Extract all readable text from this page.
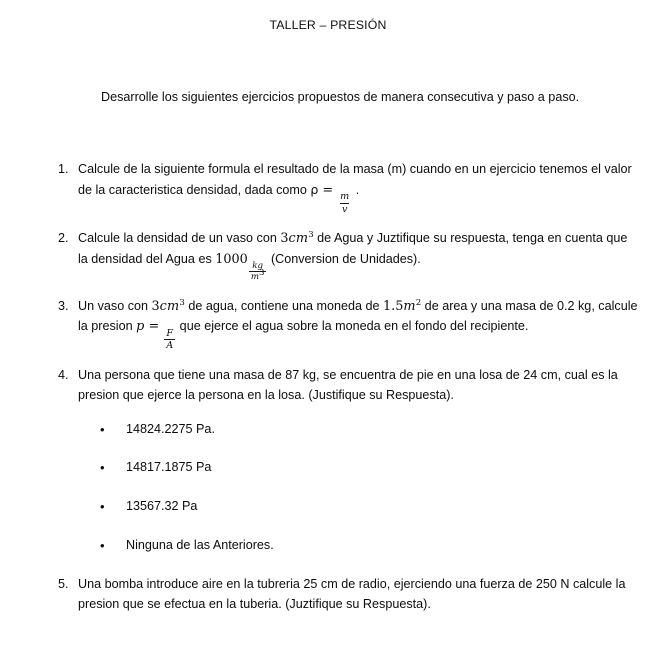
TALLER – PRESIÓN
Desarrolle los siguientes ejercicios propuestos de manera consecutiva y paso a paso.
1. Calcule de la siguiente formula el resultado de la masa (m) cuando en un ejercicio tenemos el valor de la caracteristica densidad, dada como ρ =
$\frac{m}{v}$
.
2. Calcule la densidad de un vaso con $3cm^3$ de Agua y Juztifique su respuesta, tenga en cuenta que la densidad del Agua es 1000
$\frac{kg}{m3}$
(Conversion de Unidades).
3. Un vaso con $3cm^3$ de agua, contiene una moneda de $1.5m^2$ de area y una masa de 0.2 kg, calcule la presion p =
$\frac{F}{A}$
que ejerce el agua sobre la moneda en el fondo del recipiente.
4. Una persona que tiene una masa de 87 kg, se encuentra de pie en una losa de 24 cm, cual es la presion que ejerce la persona en la losa. (Justifique su Respuesta).
• 14824.2275 Pa.
• 14817.1875 Pa
• 13567.32 Pa
• Ninguna de las Anteriores.
5. Una bomba introduce aire en la tubreria 25 cm de radio, ejerciendo una fuerza de 250 N calcule la presion que se efectua en la tuberia. (Juztifique su Respuesta).
